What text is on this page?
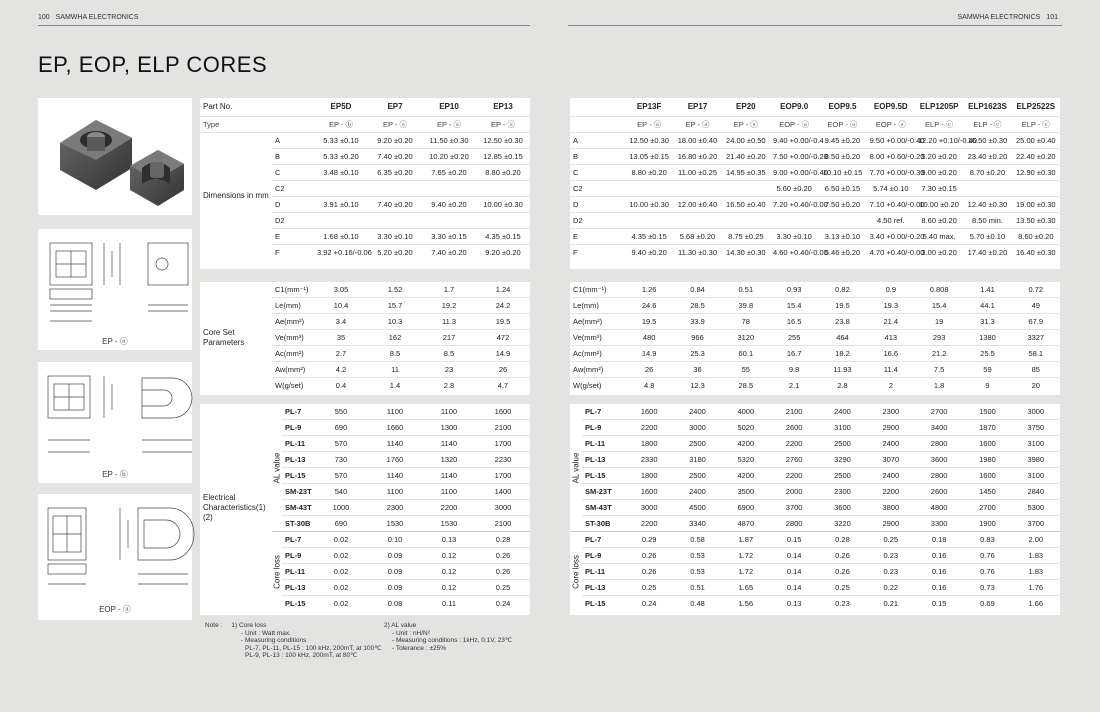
100 SAMWHA ELECTRONICS	SAMWHA ELECTRONICS 101
EP, EOP, ELP CORES
EP - ⓐ
EP - ⓑ
EOP - ⓐ
Part No.		EP5D	EP7	EP10	EP13
Type		EP - ⓑ	EP - ⓐ	EP - ⓐ	EP - ⓐ
Dimensions in mm	A	5.33 ±0.10	9.20 ±0.20	11.50 ±0.30	12.50 ±0.30
	B	5.33 ±0.20	7.40 ±0.20	10.20 ±0.20	12.85 ±0.15
	C	3.48 ±0.10	6.35 ±0.20	7.65 ±0.20	8.80 ±0.20
	C2				
	D	3.91 ±0.10	7.40 ±0.20	9.40 ±0.20	10.00 ±0.30
	D2				
	E	1.68 ±0.10	3.30 ±0.10	3.30 ±0.15	4.35 ±0.15
	F	3.92 +0.16/-0.06	5.20 ±0.20	7.40 ±0.20	9.20 ±0.20
Core Set Parameters	C1(mm⁻¹)	3.05	1.52	1.7	1.24
	Le(mm)	10.4	15.7	19.2	24.2
	Ae(mm²)	3.4	10.3	11.3	19.5
	Ve(mm³)	35	162	217	472
	Ac(mm²)	2.7	8.5	8.5	14.9
	Aw(mm²)	4.2	11	23	26
	W(g/set)	0.4	1.4	2.8	4.7
Electrical Characteristics(1)(2)	AL value	PL-7	550	1100	1100	1600
		PL-9	690	1660	1300	2100
		PL-11	570	1140	1140	1700
		PL-13	730	1760	1320	2230
		PL-15	570	1140	1140	1700
		SM-23T	540	1100	1100	1400
		SM-43T	1000	2300	2200	3000
		ST-30B	690	1530	1530	2100

	Core loss	PL-7	0.02	0.10	0.13	0.28
		PL-9	0.02	0.09	0.12	0.26
		PL-11	0.02	0.09	0.12	0.26
		PL-13	0.02	0.09	0.12	0.25
		PL-15	0.02	0.08	0.11	0.24
	EP13F	EP17	EP20	EOP9.0	EOP9.5	EOP9.5D	ELP1205P	ELP1623S	ELP2522S
	EP - ⓐ	EP - ⓐ	EP - ⓐ	EOP - ⓐ	EOP - ⓐ	EOP - ⓐ	ELP - ⓒ	ELP - ⓒ	ELP - ⓒ
A	12.50 ±0.30	18.00 ±0.40	24.00 ±0.50	9.40 +0.00/-0.4	9.45 ±0.20	9.50 +0.00/-0.40	12.20 +0.10/-0.40	16.50 ±0.30	25.00 ±0.40
B	13.05 ±0.15	16.80 ±0.20	21.40 ±0.20	7.50 +0.00/-0.20	8.50 ±0.20	8.00 +0.60/-0.20	5.20 ±0.20	23.40 ±0.20	22.40 ±0.20
C	8.80 ±0.20	11.00 ±0.25	14.95 ±0.35	9.00 +0.00/-0.40	10.10 ±0.15	7.70 +0.00/-0.30	9.00 ±0.20	8.70 ±0.20	12.90 ±0.30
C2				5.60 ±0.20	6.50 ±0.15	5.74 ±0.10	7.30 ±0.15		
D	10.00 ±0.30	12.00 ±0.40	16.50 ±0.40	7.20 +0.40/-0.00	7.50 ±0.20	7.10 +0.40/-0.00	10.00 ±0.20	12.40 ±0.30	19.00 ±0.30
D2						4.50 ref.	8.60 ±0.20	8.50 min.	13.50 ±0.30
E	4.35 ±0.15	5.68 ±0.20	8.75 ±0.25	3.30 ±0.10	3.13 ±0.10	3.40 +0.00/-0.20	5.40 max.	5.70 ±0.10	8.60 ±0.20
F	9.40 ±0.20	11.30 ±0.30	14.30 ±0.30	4.60 +0.40/-0.00	5.46 ±0.20	4.70 +0.40/-0.00	3.00 ±0.20	17.40 ±0.20	16.40 ±0.30
C1(mm⁻¹)	1.26	0.84	0.51	0.93	0.82	0.9	0.808	1.41	0.72
Le(mm)	24.6	28.5	39.8	15.4	19.5	19.3	15.4	44.1	49
Ae(mm²)	19.5	33.9	78	16.5	23.8	21.4	19	31.3	67.9
Ve(mm³)	480	966	3120	255	464	413	293	1380	3327
Ac(mm²)	14.9	25.3	60.1	16.7	18.2	16.6	21.2	25.5	58.1
Aw(mm²)	26	36	55	9.8	11.93	11.4	7.5	59	85
W(g/set)	4.8	12.3	28.5	2.1	2.8	2	1.8	9	20
AL value	PL-7	1600	2400	4000	2100	2400	2300	2700	1500	3000
	PL-9	2200	3000	5020	2600	3100	2900	3400	1870	3750
	PL-11	1800	2500	4200	2200	2500	2400	2800	1600	3100
	PL-13	2330	3180	5320	2760	3290	3070	3600	1980	3980
	PL-15	1800	2500	4200	2200	2500	2400	2800	1600	3100
	SM-23T	1600	2400	3500	2000	2300	2200	2600	1450	2840
	SM-43T	3000	4500	6900	3700	3600	3800	4800	2700	5300
	ST-30B	2200	3340	4870	2800	3220	2900	3300	1900	3700

Core loss	PL-7	0.29	0.58	1.87	0.15	0.28	0.25	0.18	0.83	2.00
	PL-9	0.26	0.53	1.72	0.14	0.26	0.23	0.16	0.76	1.83
	PL-11	0.26	0.53	1.72	0.14	0.26	0.23	0.16	0.76	1.83
	PL-13	0.25	0.51	1.65	0.14	0.25	0.22	0.16	0.73	1.76
	PL-15	0.24	0.48	1.56	0.13	0.23	0.21	0.15	0.69	1.66
Note : 1) Core loss
- Unit : Watt max.
- Measuring conditions
PL-7, PL-11, PL-15 : 100 kHz, 200mT, at 100℃
PL-9, PL-13 : 100 kHz, 200mT, at 80℃
2) AL value
- Unit : nH/N²
- Measuring conditions : 1kHz, 0.1V, 23℃
- Tolerance : ±25%
